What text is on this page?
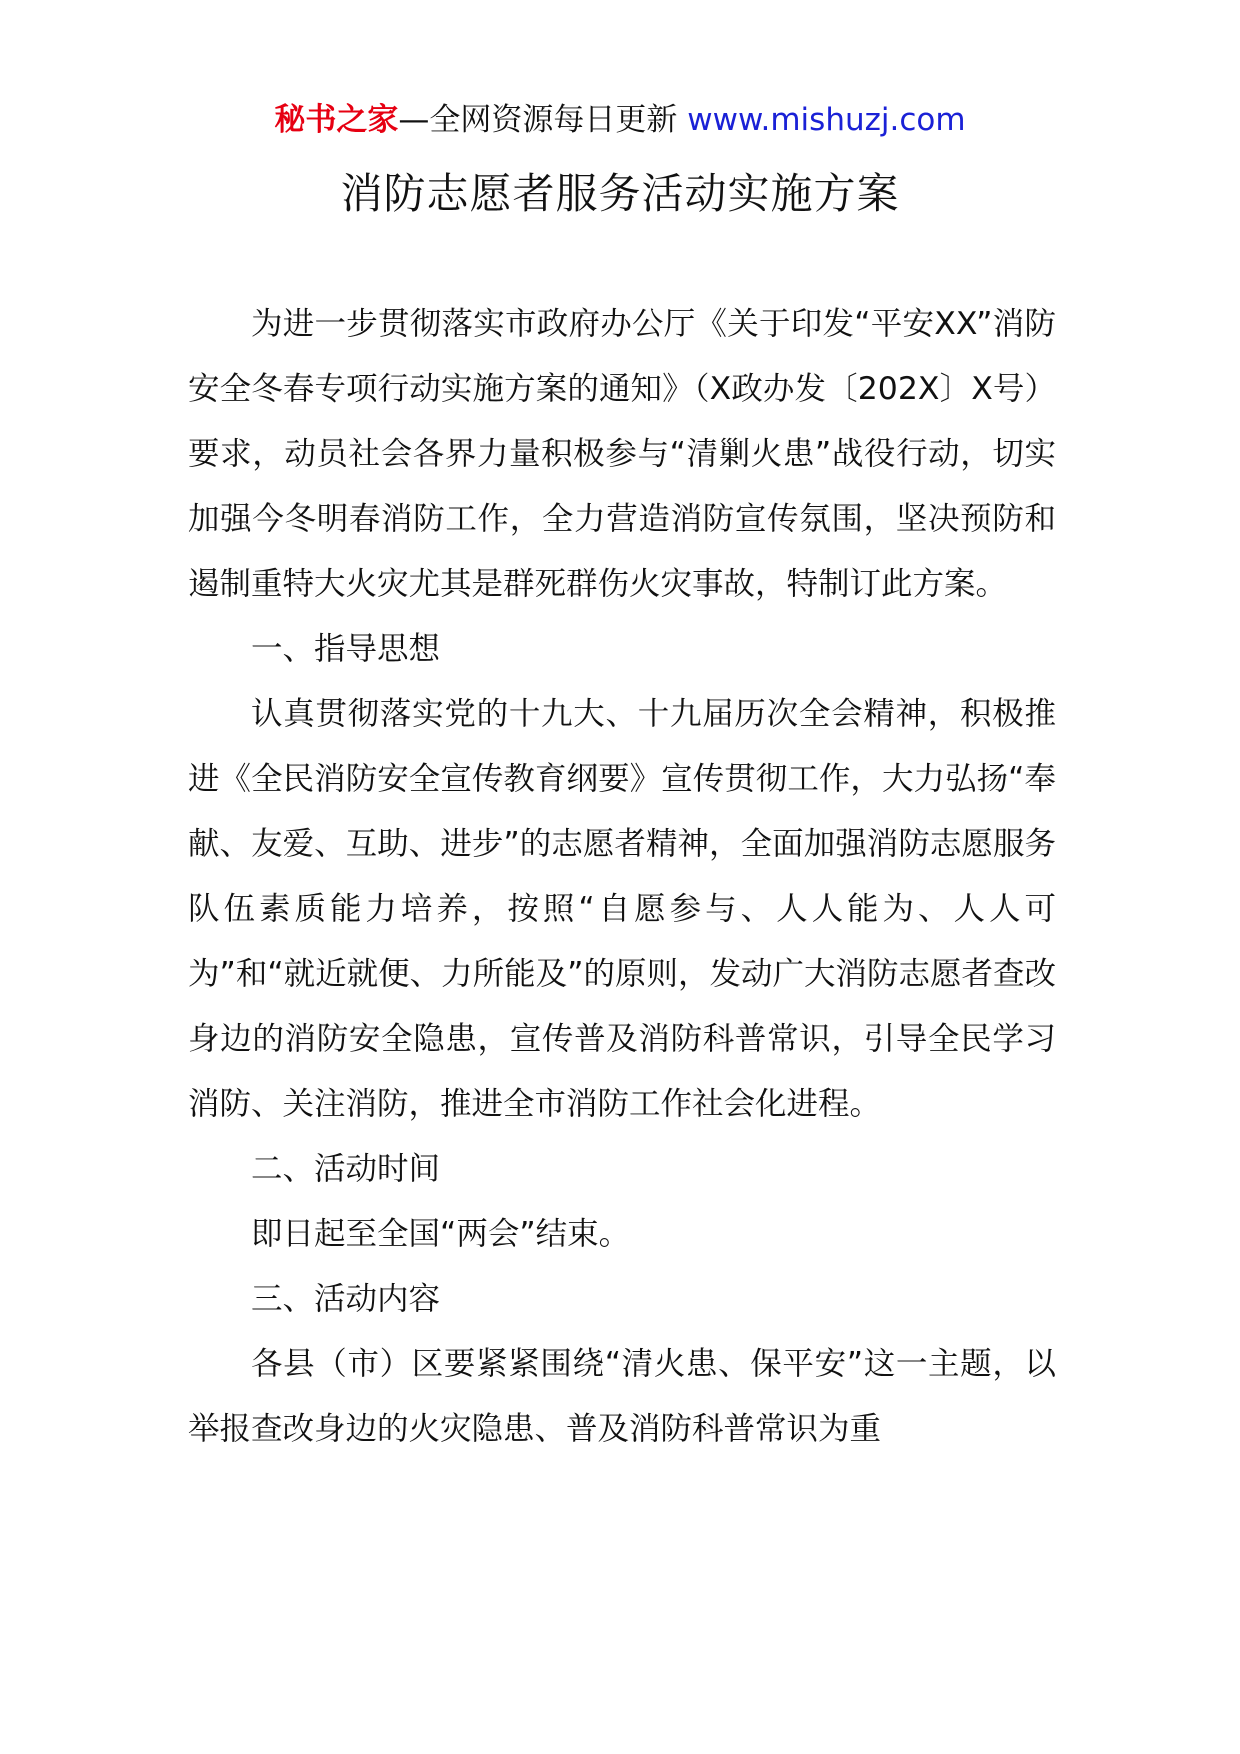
秘书之家—全网资源每日更新 www.mishuzj.com
消防志愿者服务活动实施方案

为进一步贯彻落实市政府办公厅《关于印发“平安XX”消防安全冬春专项行动实施方案的通知》（X政办发〔202X〕X号）要求，动员社会各界力量积极参与“清剿火患”战役行动，切实加强今冬明春消防工作，全力营造消防宣传氛围，坚决预防和遏制重特大火灾尤其是群死群伤火灾事故，特制订此方案。

一、指导思想

认真贯彻落实党的十九大、十九届历次全会精神，积极推进《全民消防安全宣传教育纲要》宣传贯彻工作，大力弘扬“奉献、友爱、互助、进步”的志愿者精神，全面加强消防志愿服务队伍素质能力培养，按照“自愿参与、人人能为、人人可为”和“就近就便、力所能及”的原则，发动广大消防志愿者查改身边的消防安全隐患，宣传普及消防科普常识，引导全民学习消防、关注消防，推进全市消防工作社会化进程。

二、活动时间

即日起至全国“两会”结束。

三、活动内容

各县（市）区要紧紧围绕“清火患、保平安”这一主题，以举报查改身边的火灾隐患、普及消防科普常识为重
